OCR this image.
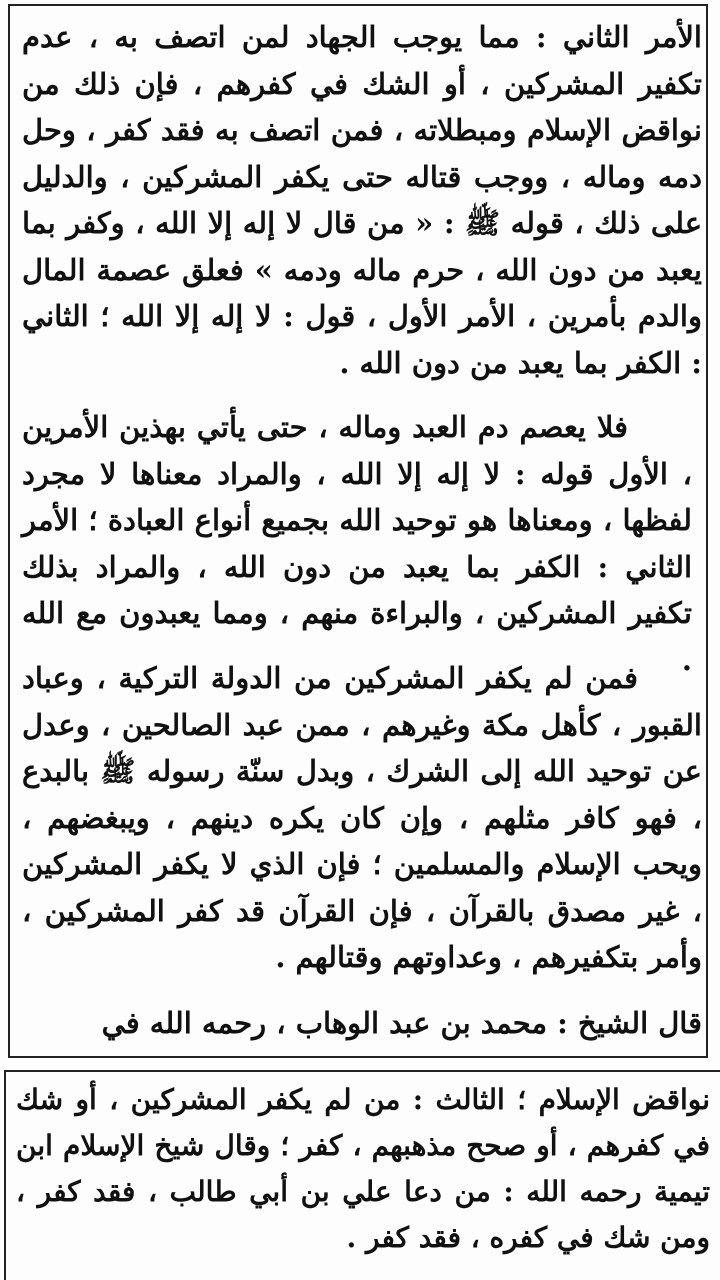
الأمر الثاني : مما يوجب الجهاد لمن اتصف به ، عدم تكفير المشركين ، أو الشك في كفرهم ، فإن ذلك من نواقض الإسلام ومبطلاته ، فمن اتصف به فقد كفر ، وحل دمه وماله ، ووجب قتاله حتى يكفر المشركين ، والدليل على ذلك ، قوله ﷺ : « من قال لا إله إلا الله ، وكفر بما يعبد من دون الله ، حرم ماله ودمه » فعلق عصمة المال والدم بأمرين ، الأمر الأول ، قول : لا إله إلا الله ؛ الثاني : الكفر بما يعبد من دون الله .
فلا يعصم دم العبد وماله ، حتى يأتي بهذين الأمرين ، الأول قوله : لا إله إلا الله ، والمراد معناها لا مجرد لفظها ، ومعناها هو توحيد الله بجميع أنواع العبادة ؛ الأمر الثاني : الكفر بما يعبد من دون الله ، والمراد بذلك تكفير المشركين ، والبراءة منهم ، ومما يعبدون مع الله .
فمن لم يكفر المشركين من الدولة التركية ، وعباد القبور ، كأهل مكة وغيرهم ، ممن عبد الصالحين ، وعدل عن توحيد الله إلى الشرك ، وبدل سنّة رسوله ﷺ بالبدع ، فهو كافر مثلهم ، وإن كان يكره دينهم ، ويبغضهم ، ويحب الإسلام والمسلمين ؛ فإن الذي لا يكفر المشركين ، غير مصدق بالقرآن ، فإن القرآن قد كفر المشركين ، وأمر بتكفيرهم ، وعداوتهم وقتالهم .
قال الشيخ : محمد بن عبد الوهاب ، رحمه الله في
نواقض الإسلام ؛ الثالث : من لم يكفر المشركين ، أو شك في كفرهم ، أو صحح مذهبهم ، كفر ؛ وقال شيخ الإسلام ابن تيمية رحمه الله : من دعا علي بن أبي طالب ، فقد كفر ، ومن شك في كفره ، فقد كفر .
